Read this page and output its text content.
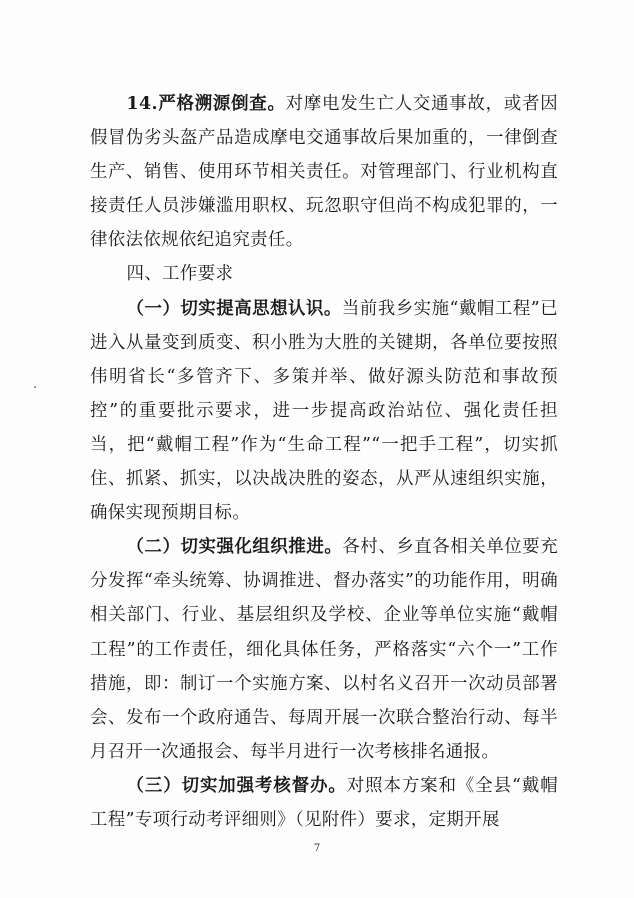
14.严格溯源倒查。对摩电发生亡人交通事故，或者因假冒伪劣头盔产品造成摩电交通事故后果加重的，一律倒查生产、销售、使用环节相关责任。对管理部门、行业机构直接责任人员涉嫌滥用职权、玩忽职守但尚不构成犯罪的，一律依法依规依纪追究责任。

四、工作要求

（一）切实提高思想认识。当前我乡实施“戴帽工程”已进入从量变到质变、积小胜为大胜的关键期，各单位要按照伟明省长“多管齐下、多策并举、做好源头防范和事故预控”的重要批示要求，进一步提高政治站位、强化责任担当，把“戴帽工程”作为“生命工程”“一把手工程”，切实抓住、抓紧、抓实，以决战决胜的姿态，从严从速组织实施，确保实现预期目标。

（二）切实强化组织推进。各村、乡直各相关单位要充分发挥“牵头统筹、协调推进、督办落实”的功能作用，明确相关部门、行业、基层组织及学校、企业等单位实施“戴帽工程”的工作责任，细化具体任务，严格落实“六个一”工作措施，即：制订一个实施方案、以村名义召开一次动员部署会、发布一个政府通告、每周开展一次联合整治行动、每半月召开一次通报会、每半月进行一次考核排名通报。

（三）切实加强考核督办。对照本方案和《全县“戴帽工程”专项行动考评细则》（见附件）要求，定期开展

7
